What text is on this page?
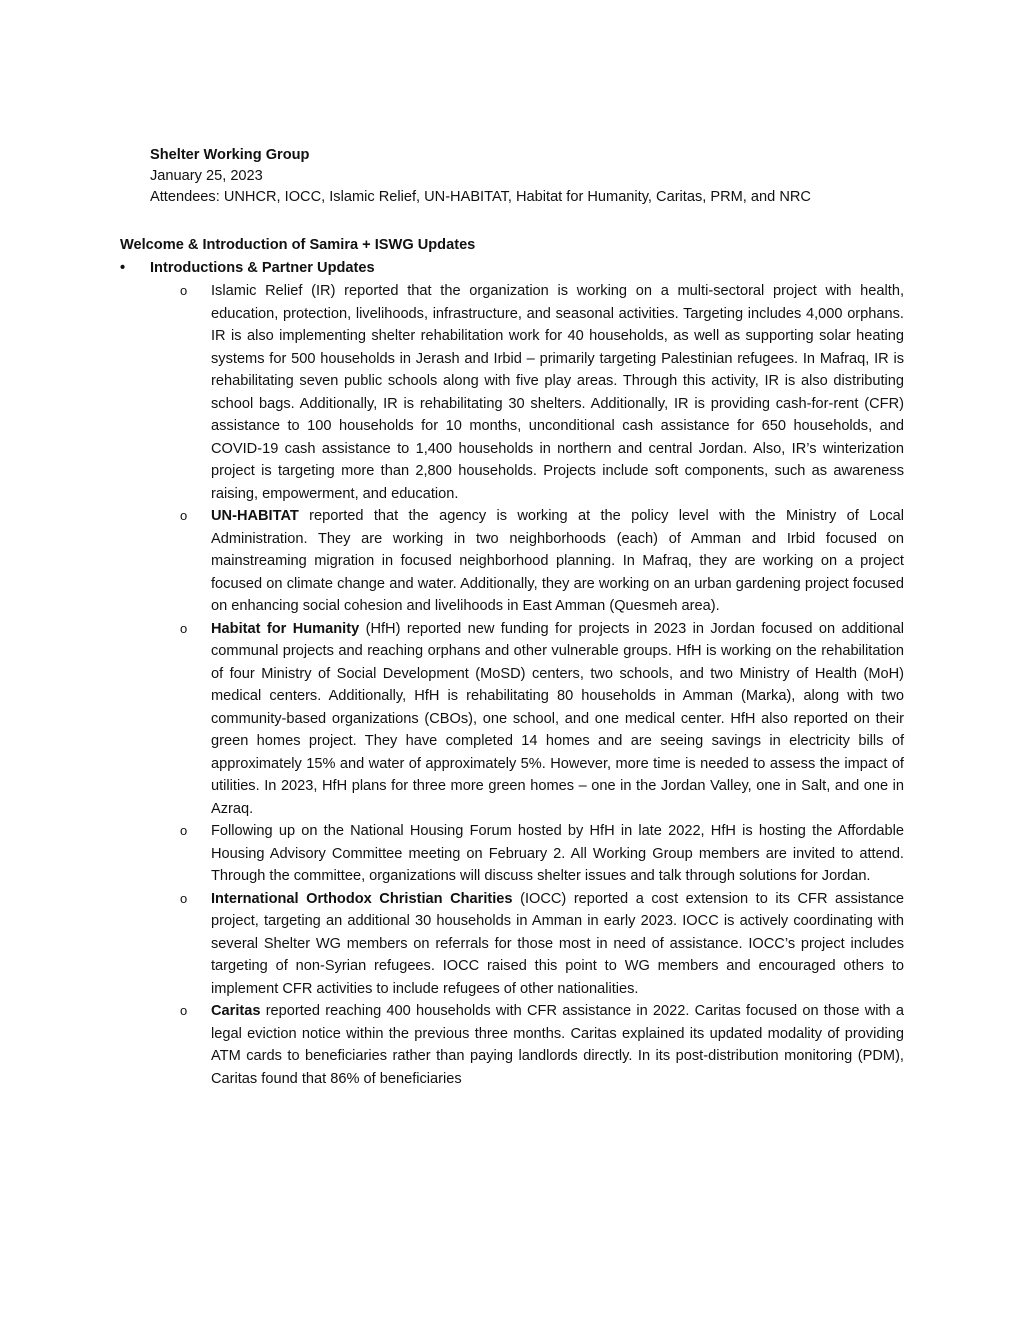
Shelter Working Group
January 25, 2023
Attendees: UNHCR, IOCC, Islamic Relief, UN-HABITAT, Habitat for Humanity, Caritas, PRM, and NRC
Welcome & Introduction of Samira + ISWG Updates
• Introductions & Partner Updates
o	Islamic Relief (IR) reported that the organization is working on a multi-sectoral project with health, education, protection, livelihoods, infrastructure, and seasonal activities. Targeting includes 4,000 orphans. IR is also implementing shelter rehabilitation work for 40 households, as well as supporting solar heating systems for 500 households in Jerash and Irbid – primarily targeting Palestinian refugees. In Mafraq, IR is rehabilitating seven public schools along with five play areas. Through this activity, IR is also distributing school bags. Additionally, IR is rehabilitating 30 shelters. Additionally, IR is providing cash-for-rent (CFR) assistance to 100 households for 10 months, unconditional cash assistance for 650 households, and COVID-19 cash assistance to 1,400 households in northern and central Jordan. Also, IR’s winterization project is targeting more than 2,800 households. Projects include soft components, such as awareness raising, empowerment, and education.
o	UN-HABITAT reported that the agency is working at the policy level with the Ministry of Local Administration. They are working in two neighborhoods (each) of Amman and Irbid focused on mainstreaming migration in focused neighborhood planning. In Mafraq, they are working on a project focused on climate change and water. Additionally, they are working on an urban gardening project focused on enhancing social cohesion and livelihoods in East Amman (Quesmeh area).
o	Habitat for Humanity (HfH) reported new funding for projects in 2023 in Jordan focused on additional communal projects and reaching orphans and other vulnerable groups. HfH is working on the rehabilitation of four Ministry of Social Development (MoSD) centers, two schools, and two Ministry of Health (MoH) medical centers. Additionally, HfH is rehabilitating 80 households in Amman (Marka), along with two community-based organizations (CBOs), one school, and one medical center. HfH also reported on their green homes project. They have completed 14 homes and are seeing savings in electricity bills of approximately 15% and water of approximately 5%. However, more time is needed to assess the impact of utilities. In 2023, HfH plans for three more green homes – one in the Jordan Valley, one in Salt, and one in Azraq.
o	Following up on the National Housing Forum hosted by HfH in late 2022, HfH is hosting the Affordable Housing Advisory Committee meeting on February 2. All Working Group members are invited to attend. Through the committee, organizations will discuss shelter issues and talk through solutions for Jordan.
o	International Orthodox Christian Charities (IOCC) reported a cost extension to its CFR assistance project, targeting an additional 30 households in Amman in early 2023. IOCC is actively coordinating with several Shelter WG members on referrals for those most in need of assistance. IOCC’s project includes targeting of non-Syrian refugees. IOCC raised this point to WG members and encouraged others to implement CFR activities to include refugees of other nationalities.
o	Caritas reported reaching 400 households with CFR assistance in 2022. Caritas focused on those with a legal eviction notice within the previous three months. Caritas explained its updated modality of providing ATM cards to beneficiaries rather than paying landlords directly. In its post-distribution monitoring (PDM), Caritas found that 86% of beneficiaries
